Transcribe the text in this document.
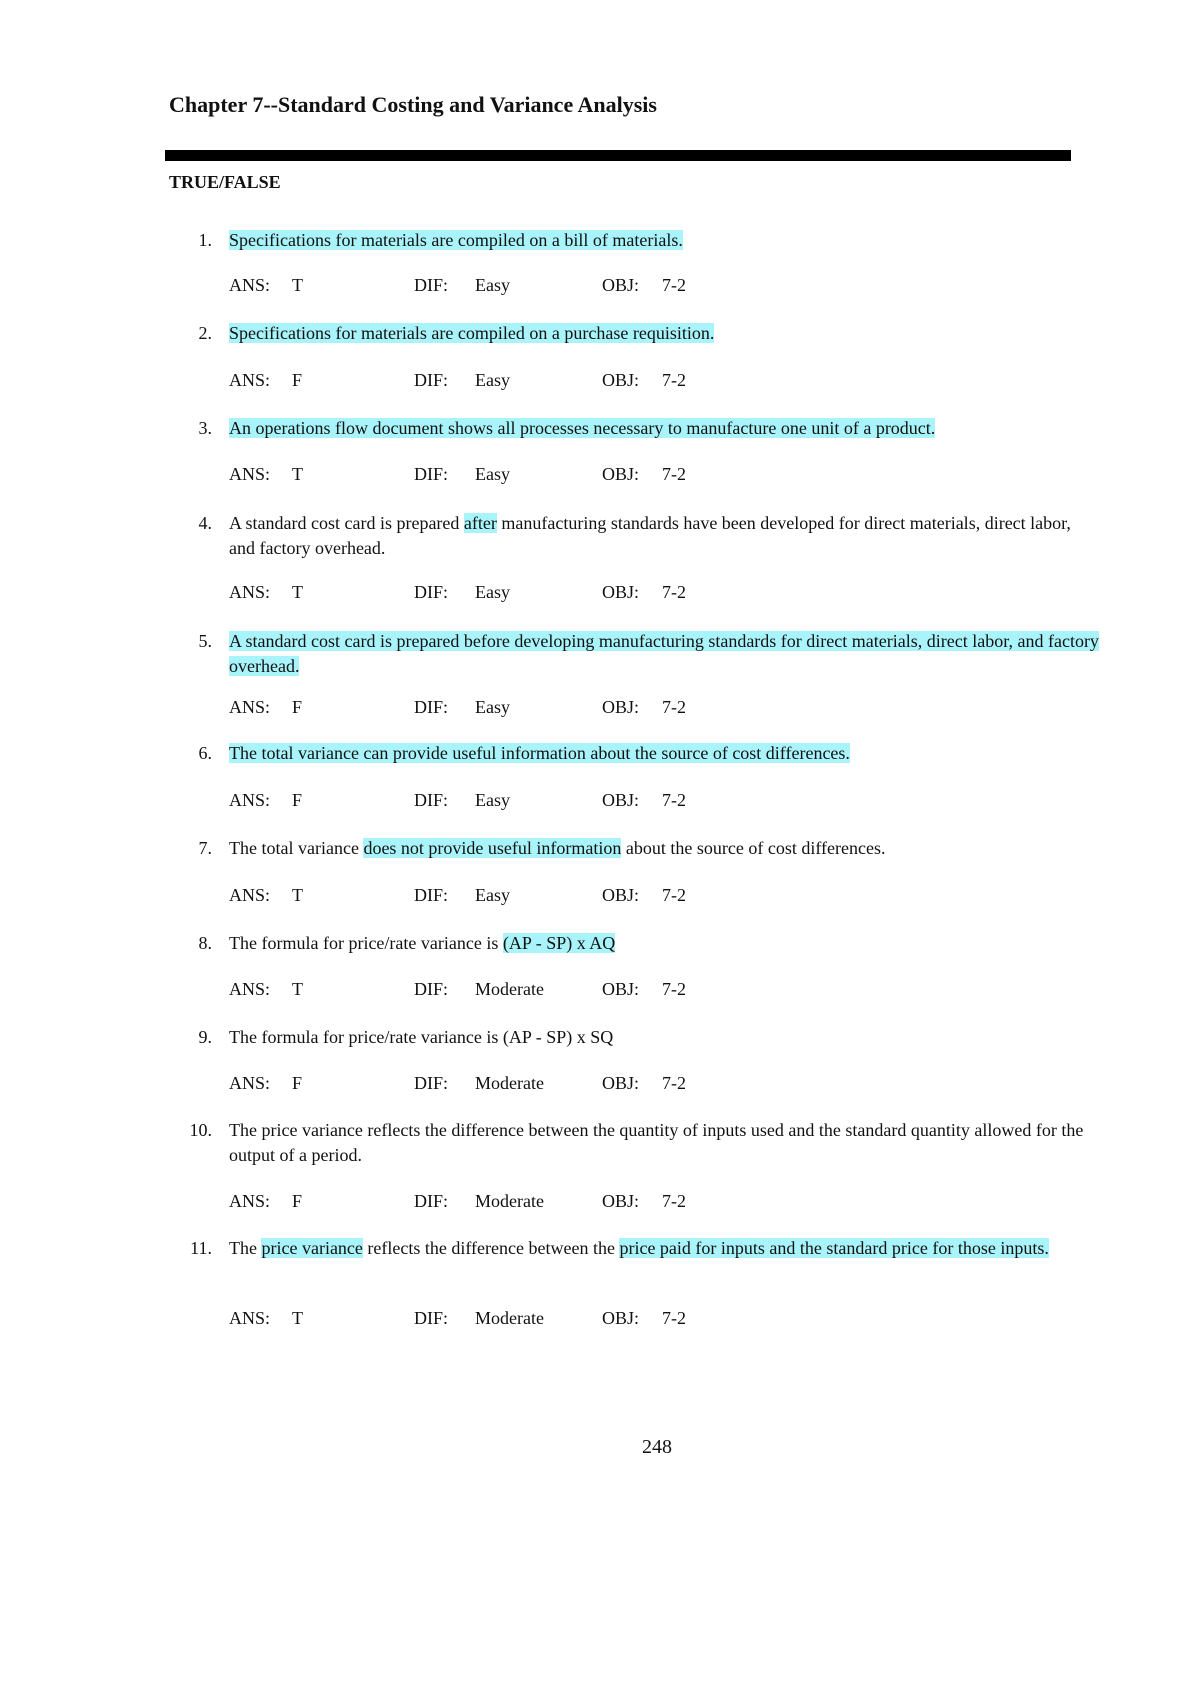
Chapter 7--Standard Costing and Variance Analysis
TRUE/FALSE
1. Specifications for materials are compiled on a bill of materials.
ANS: T	DIF: Easy	OBJ: 7-2
2. Specifications for materials are compiled on a purchase requisition.
ANS: F	DIF: Easy	OBJ: 7-2
3. An operations flow document shows all processes necessary to manufacture one unit of a product.
ANS: T	DIF: Easy	OBJ: 7-2
4. A standard cost card is prepared after manufacturing standards have been developed for direct materials, direct labor, and factory overhead.
ANS: T	DIF: Easy	OBJ: 7-2
5. A standard cost card is prepared before developing manufacturing standards for direct materials, direct labor, and factory overhead.
ANS: F	DIF: Easy	OBJ: 7-2
6. The total variance can provide useful information about the source of cost differences.
ANS: F	DIF: Easy	OBJ: 7-2
7. The total variance does not provide useful information about the source of cost differences.
ANS: T	DIF: Easy	OBJ: 7-2
8. The formula for price/rate variance is (AP - SP) x AQ
ANS: T	DIF: Moderate	OBJ: 7-2
9. The formula for price/rate variance is (AP - SP) x SQ
ANS: F	DIF: Moderate	OBJ: 7-2
10. The price variance reflects the difference between the quantity of inputs used and the standard quantity allowed for the output of a period.
ANS: F	DIF: Moderate	OBJ: 7-2
11. The price variance reflects the difference between the price paid for inputs and the standard price for those inputs.
ANS: T	DIF: Moderate	OBJ: 7-2
248
